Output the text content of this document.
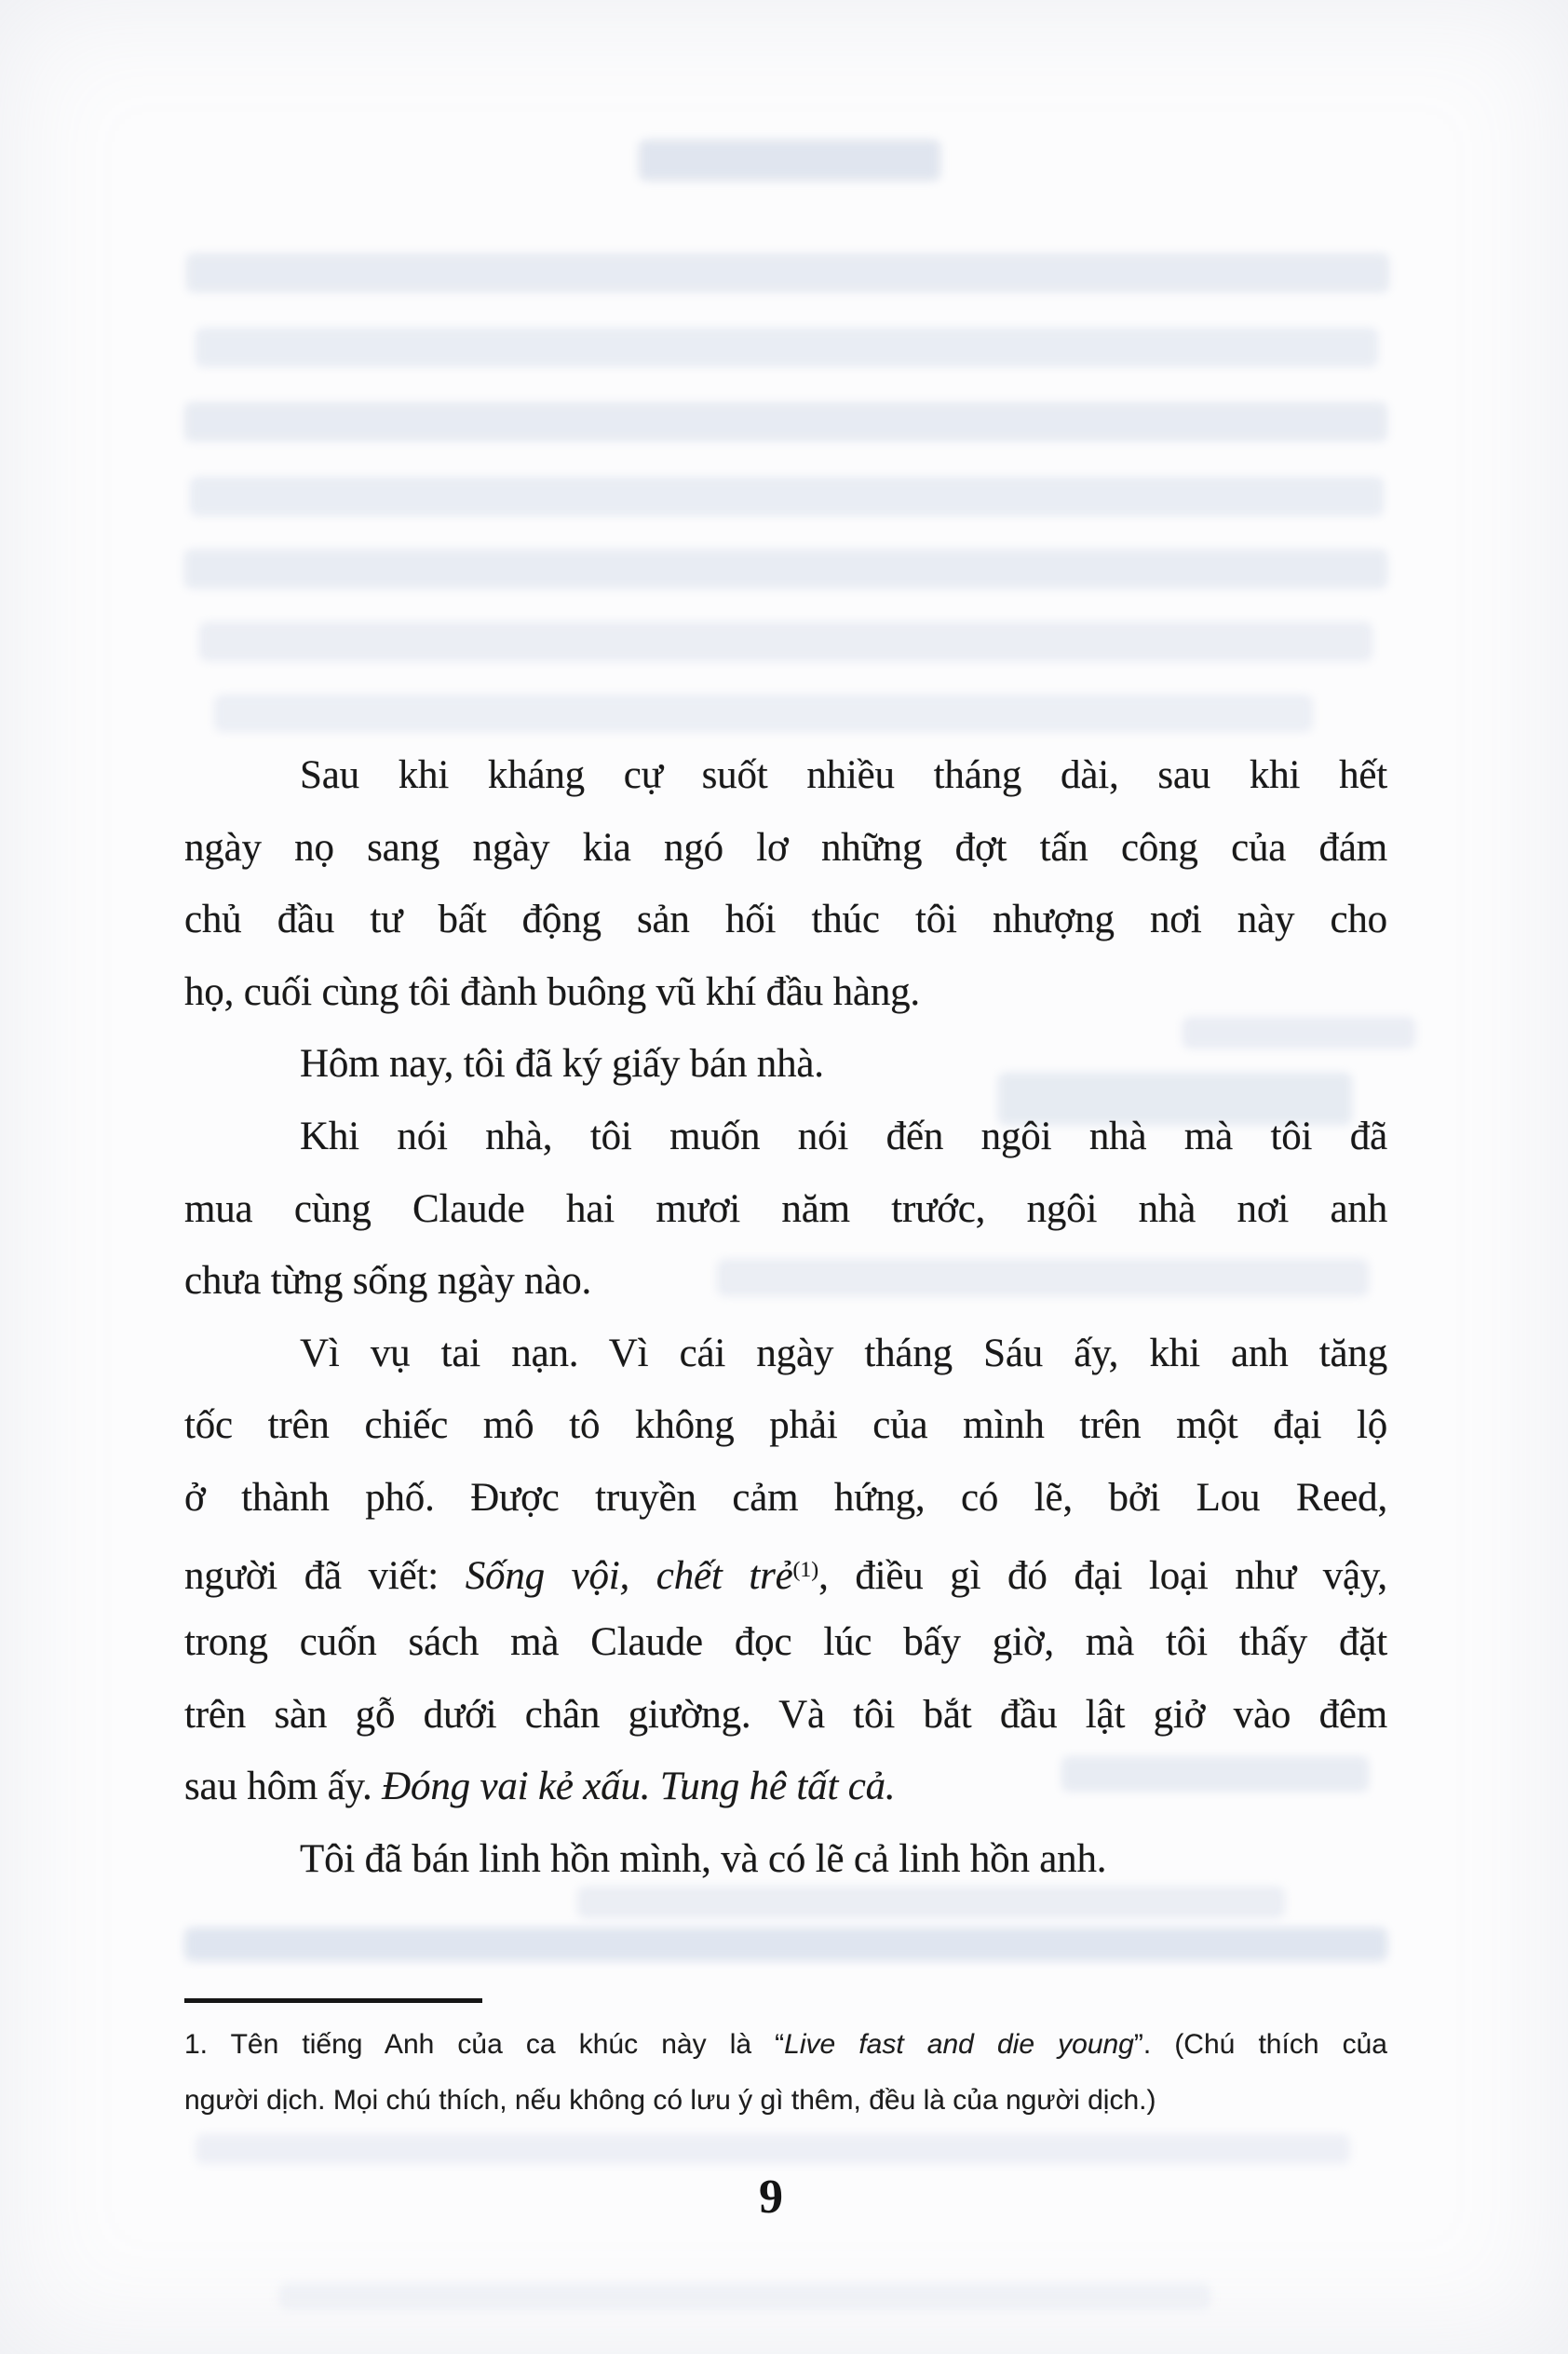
Sau khi kháng cự suốt nhiều tháng dài, sau khi hết
ngày nọ sang ngày kia ngó lơ những đợt tấn công của đám
chủ đầu tư bất động sản hối thúc tôi nhượng nơi này cho
họ, cuối cùng tôi đành buông vũ khí đầu hàng.
Hôm nay, tôi đã ký giấy bán nhà.
Khi nói nhà, tôi muốn nói đến ngôi nhà mà tôi đã
mua cùng Claude hai mươi năm trước, ngôi nhà nơi anh
chưa từng sống ngày nào.
Vì vụ tai nạn. Vì cái ngày tháng Sáu ấy, khi anh tăng
tốc trên chiếc mô tô không phải của mình trên một đại lộ
ở thành phố. Được truyền cảm hứng, có lẽ, bởi Lou Reed,
người đã viết: Sống vội, chết trẻ$^{(1)}$, điều gì đó đại loại như vậy,
trong cuốn sách mà Claude đọc lúc bấy giờ, mà tôi thấy đặt
trên sàn gỗ dưới chân giường. Và tôi bắt đầu lật giở vào đêm
sau hôm ấy. Đóng vai kẻ xấu. Tung hê tất cả.
Tôi đã bán linh hồn mình, và có lẽ cả linh hồn anh.
1. Tên tiếng Anh của ca khúc này là “Live fast and die young”. (Chú thích của
người dịch. Mọi chú thích, nếu không có lưu ý gì thêm, đều là của người dịch.)
9
